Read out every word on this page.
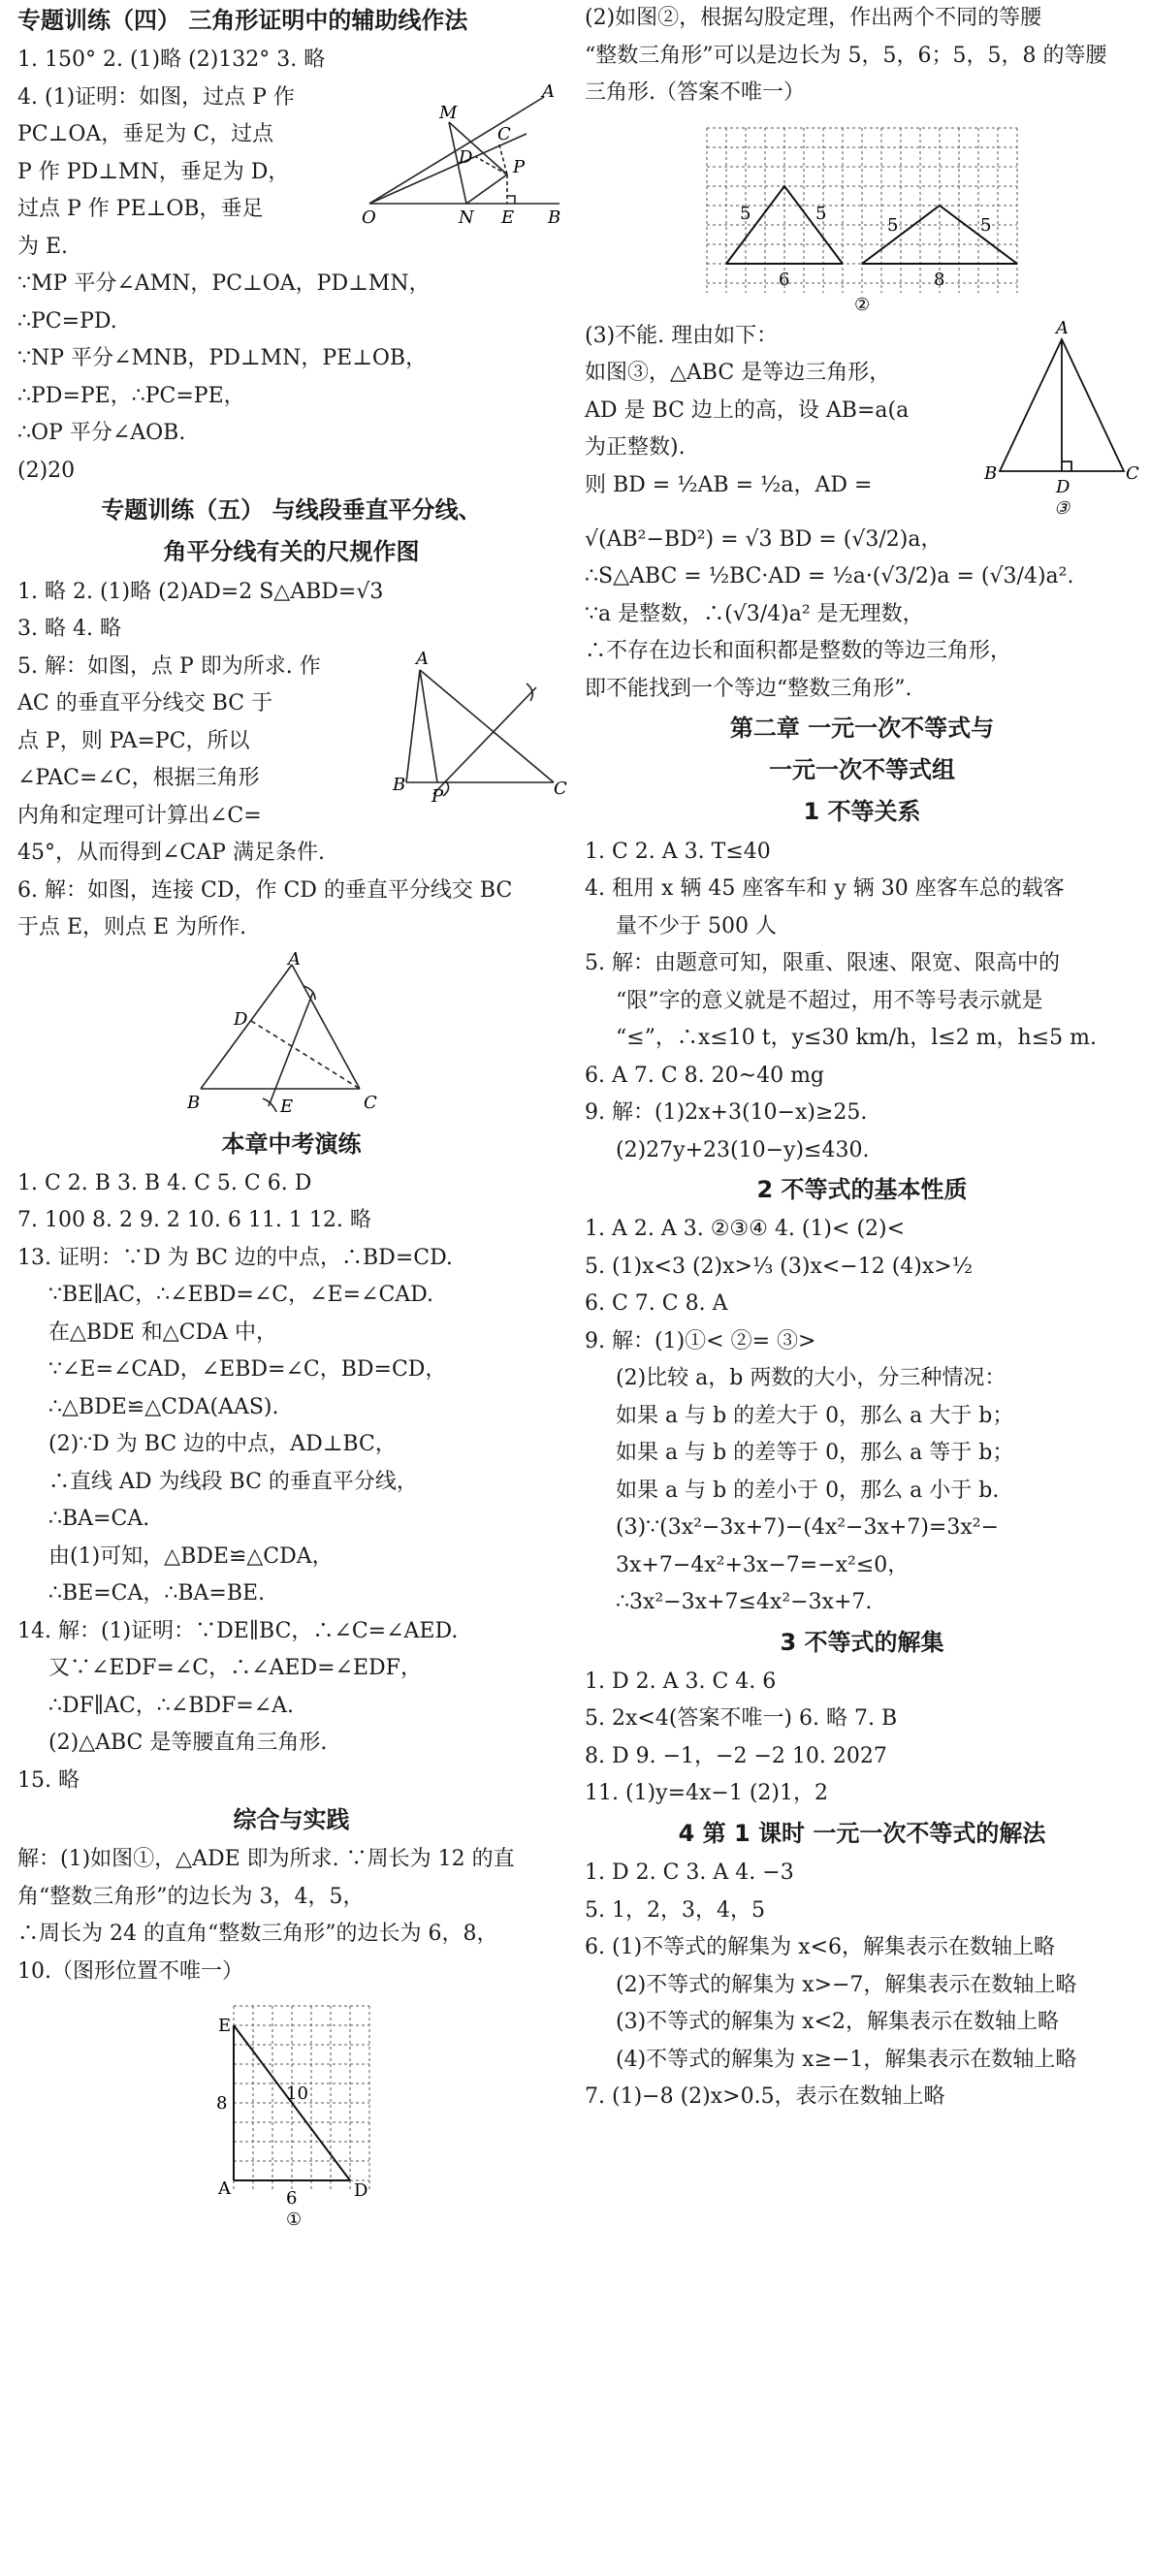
专题训练（四） 三角形证明中的辅助线作法
1. 150° 2. (1)略 (2)132° 3. 略
4. (1)证明：如图，过点 P 作
PC⊥OA，垂足为 C，过点
P 作 PD⊥MN，垂足为 D，
过点 P 作 PE⊥OB，垂足
为 E.
M
A
D
C
P
O	N E B
∵MP 平分∠AMN，PC⊥OA，PD⊥MN，
∴PC=PD.
∵NP 平分∠MNB，PD⊥MN，PE⊥OB，
∴PD=PE，∴PC=PE，
∴OP 平分∠AOB.
(2)20
专题训练（五） 与线段垂直平分线、
角平分线有关的尺规作图
1. 略 2. (1)略 (2)AD=2 S△ABD=√3
3. 略 4. 略
5. 解：如图，点 P 即为所求. 作
AC 的垂直平分线交 BC 于
点 P，则 PA=PC，所以
∠PAC=∠C，根据三角形
内角和定理可计算出∠C=
A
B
P	C
45°，从而得到∠CAP 满足条件.
6. 解：如图，连接 CD，作 CD 的垂直平分线交 BC
于点 E，则点 E 为所作.
A
D
E
B	C
本章中考演练
1. C 2. B 3. B 4. C 5. C 6. D
7. 100 8. 2 9. 2 10. 6 11. 1 12. 略
13. 证明：∵D 为 BC 边的中点，∴BD=CD.
∵BE∥AC，∴∠EBD=∠C，∠E=∠CAD.
在△BDE 和△CDA 中，
∵∠E=∠CAD，∠EBD=∠C，BD=CD，
∴△BDE≌△CDA(AAS).
(2)∵D 为 BC 边的中点，AD⊥BC，
∴直线 AD 为线段 BC 的垂直平分线，
∴BA=CA.
由(1)可知，△BDE≌△CDA，
∴BE=CA，∴BA=BE.
14. 解：(1)证明：∵DE∥BC，∴∠C=∠AED.
又∵∠EDF=∠C，∴∠AED=∠EDF，
∴DF∥AC，∴∠BDF=∠A.
(2)△ABC 是等腰直角三角形.
15. 略
综合与实践
解：(1)如图①，△ADE 即为所求. ∵周长为 12 的直
角“整数三角形”的边长为 3，4，5，
∴周长为 24 的直角“整数三角形”的边长为 6，8，
10.（图形位置不唯一）
E
A	D
8
6
10
①
(2)如图②，根据勾股定理，作出两个不同的等腰
“整数三角形”可以是边长为 5，5，6；5，5，8 的等腰
三角形.（答案不唯一）
5	5
6
5	5
8
②
(3)不能. 理由如下：
如图③，△ABC 是等边三角形，
AD 是 BC 边上的高，设 AB=a(a
为正整数).
则 BD = ½AB = ½a，AD =
A
B
D
C
③
√(AB²−BD²) = √3 BD = (√3/2)a，
∴S△ABC = ½BC·AD = ½a·(√3/2)a = (√3/4)a².
∵a 是整数，∴(√3/4)a² 是无理数，
∴不存在边长和面积都是整数的等边三角形，
即不能找到一个等边“整数三角形”.
第二章 一元一次不等式与
一元一次不等式组
1 不等关系
1. C 2. A 3. T≤40
4. 租用 x 辆 45 座客车和 y 辆 30 座客车总的载客
量不少于 500 人
5. 解：由题意可知，限重、限速、限宽、限高中的
“限”字的意义就是不超过，用不等号表示就是
“≤”，∴x≤10 t，y≤30 km/h，l≤2 m，h≤5 m.
6. A 7. C 8. 20~40 mg
9. 解：(1)2x+3(10−x)≥25.
(2)27y+23(10−y)≤430.
2 不等式的基本性质
1. A 2. A 3. ②③④ 4. (1)< (2)<
5. (1)x<3 (2)x>⅓ (3)x<−12 (4)x>½
6. C 7. C 8. A
9. 解：(1)①< ②= ③>
(2)比较 a，b 两数的大小，分三种情况：
如果 a 与 b 的差大于 0，那么 a 大于 b；
如果 a 与 b 的差等于 0，那么 a 等于 b；
如果 a 与 b 的差小于 0，那么 a 小于 b.
(3)∵(3x²−3x+7)−(4x²−3x+7)=3x²−
3x+7−4x²+3x−7=−x²≤0，
∴3x²−3x+7≤4x²−3x+7.
3 不等式的解集
1. D 2. A 3. C 4. 6
5. 2x<4(答案不唯一) 6. 略 7. B
8. D 9. −1，−2 −2 10. 2027
11. (1)y=4x−1 (2)1，2
4 第 1 课时 一元一次不等式的解法
1. D 2. C 3. A 4. −3
5. 1，2，3，4，5
6. (1)不等式的解集为 x<6，解集表示在数轴上略
(2)不等式的解集为 x>−7，解集表示在数轴上略
(3)不等式的解集为 x<2，解集表示在数轴上略
(4)不等式的解集为 x≥−1，解集表示在数轴上略
7. (1)−8 (2)x>0.5，表示在数轴上略
